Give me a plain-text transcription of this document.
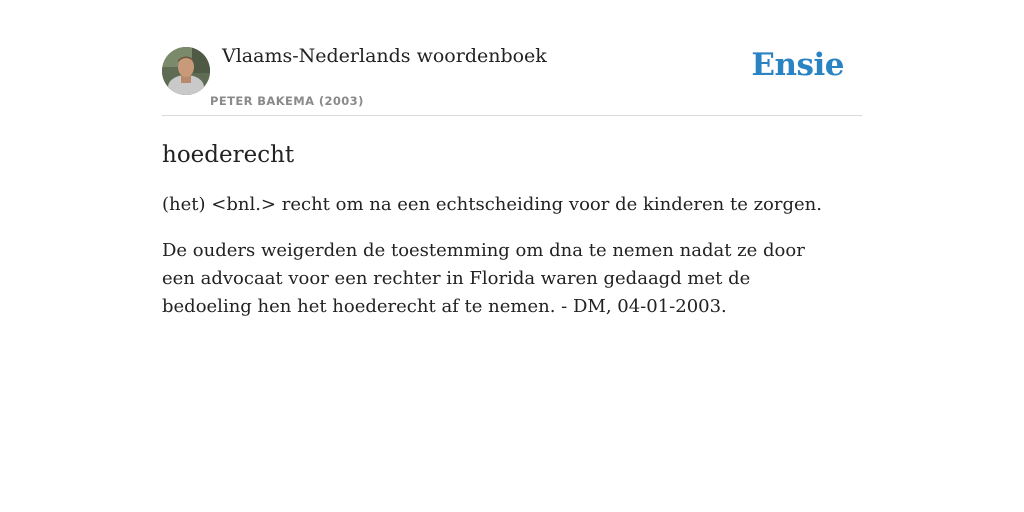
Vlaams-Nederlands woordenboek
PETER BAKEMA (2003)
Ensie
hoederecht

(het) <bnl.> recht om na een echtscheiding voor de kinderen te zorgen.

De ouders weigerden de toestemming om dna te nemen nadat ze door een advocaat voor een rechter in Florida waren gedaagd met de bedoeling hen het hoederecht af te nemen. - DM, 04-01-2003.
